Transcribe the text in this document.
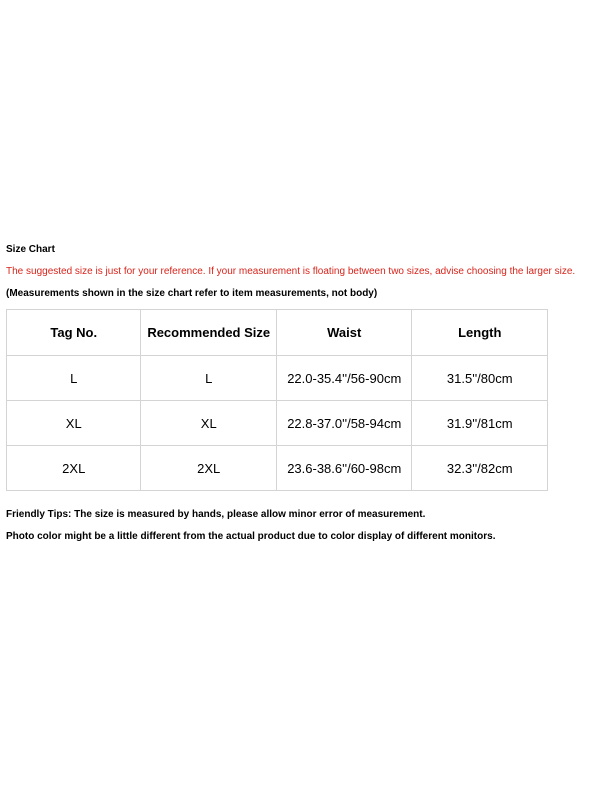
Size Chart
The suggested size is just for your reference. If your measurement is floating between two sizes, advise choosing the larger size.
(Measurements shown in the size chart refer to item measurements, not body)
Tag No.	Recommended Size	Waist	Length
L	L	22.0-35.4''/56-90cm	31.5''/80cm
XL	XL	22.8-37.0''/58-94cm	31.9''/81cm
2XL	2XL	23.6-38.6''/60-98cm	32.3''/82cm
Friendly Tips: The size is measured by hands, please allow minor error of measurement.
Photo color might be a little different from the actual product due to color display of different monitors.
